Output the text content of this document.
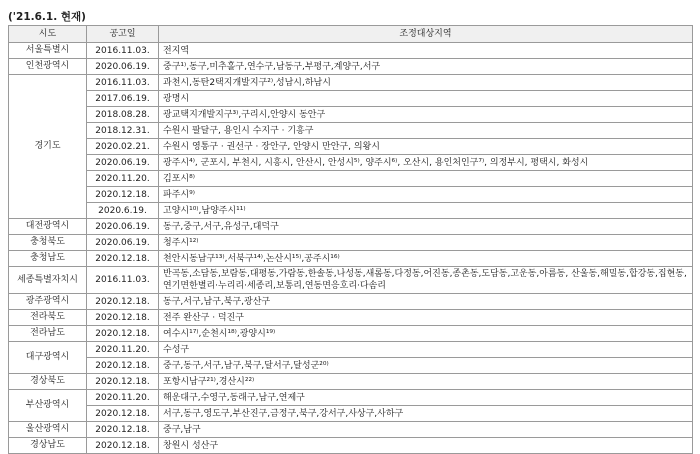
('21.6.1. 현재)
시도	공고일	조정대상지역
서울특별시	2016.11.03.	전지역
인천광역시	2020.06.19.	중구¹⁾,동구,미추홀구,연수구,남동구,부평구,계양구,서구
경기도	2016.11.03.	과천시,동탄2택지개발지구²⁾,성남시,하남시
	2017.06.19.	광명시
	2018.08.28.	광교택지개발지구³⁾,구리시,안양시 동안구
	2018.12.31.	수원시 팔달구, 용인시 수지구 · 기흥구
	2020.02.21.	수원시 영통구 · 권선구 · 장안구, 안양시 만안구, 의왕시
	2020.06.19.	광주시⁴⁾, 군포시, 부천시, 시흥시, 안산시, 안성시⁵⁾, 양주시⁶⁾, 오산시, 용인처인구⁷⁾, 의정부시, 평택시, 화성시
	2020.11.20.	김포시⁸⁾
	2020.12.18.	파주시⁹⁾
	2020.6.19.	고양시¹⁰⁾,남양주시¹¹⁾
대전광역시	2020.06.19.	동구,중구,서구,유성구,대덕구
충청북도	2020.06.19.	청주시¹²⁾
충청남도	2020.12.18.	천안시동남구¹³⁾,서북구¹⁴⁾,논산시¹⁵⁾,공주시¹⁶⁾
세종특별자치시	2016.11.03.	반곡동,소담동,보람동,대평동,가람동,한솔동,나성동,새롬동,다정동,어진동,종촌동,도담동,고운동,아름동, 산울동,해밀동,합강동,집현동,연기면한별리·누리리·세종리,보통리,연동면응호리·다솜리
광주광역시	2020.12.18.	동구,서구,남구,북구,광산구
전라북도	2020.12.18.	전주 완산구 · 덕진구
전라남도	2020.12.18.	여수시¹⁷⁾,순천시¹⁸⁾,광양시¹⁹⁾
대구광역시	2020.11.20.	수성구
	2020.12.18.	중구,동구,서구,남구,북구,달서구,달성군²⁰⁾
경상북도	2020.12.18.	포항시남구²¹⁾,경산시²²⁾
부산광역시	2020.11.20.	해운대구,수영구,동래구,남구,연제구
	2020.12.18.	서구,동구,영도구,부산진구,금정구,북구,강서구,사상구,사하구
울산광역시	2020.12.18.	중구,남구
경상남도	2020.12.18.	창원시 성산구
